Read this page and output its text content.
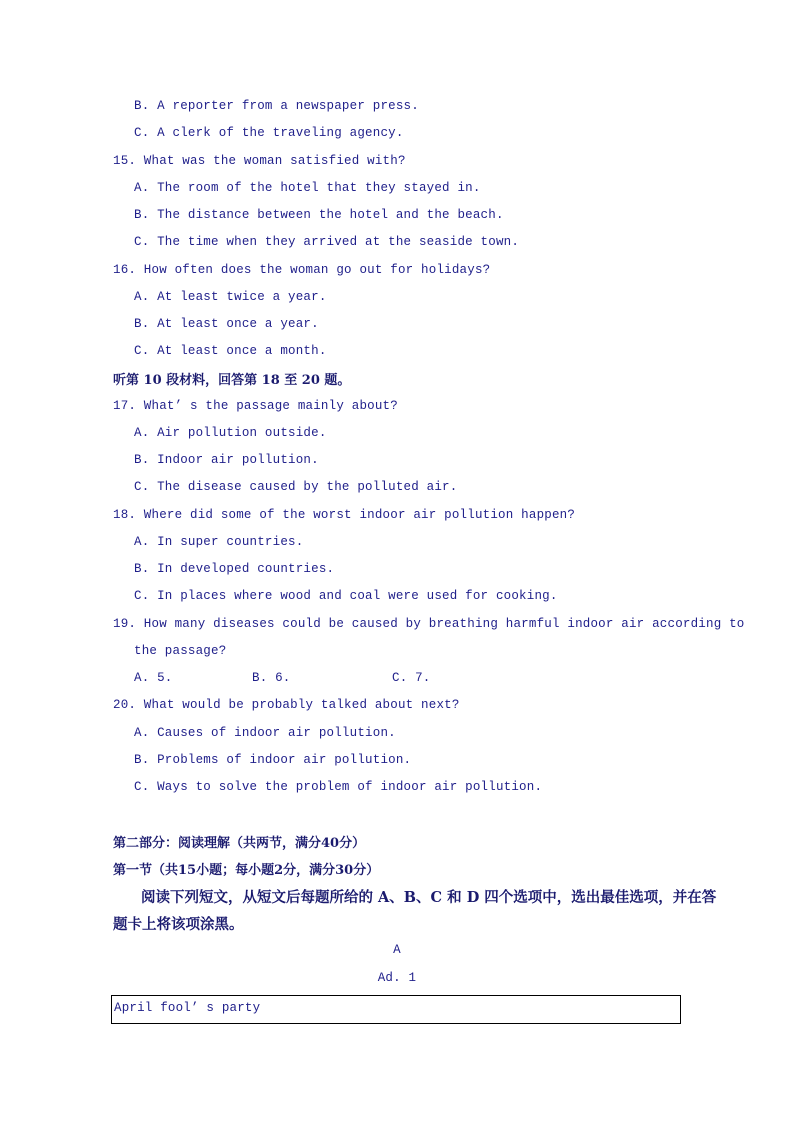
B. A reporter from a newspaper press.
C. A clerk of the traveling agency.
15. What was the woman satisfied with?
A. The room of the hotel that they stayed in.
B. The distance between the hotel and the beach.
C. The time when they arrived at the seaside town.
16. How often does the woman go out for holidays?
A. At least twice a year.
B. At least once a year.
C. At least once a month.
听第 10 段材料，回答第 18 至 20 题。
17. What’ s the passage mainly about?
A. Air pollution outside.
B. Indoor air pollution.
C. The disease caused by the polluted air.
18. Where did some of the worst indoor air pollution happen?
A. In super countries.
B. In developed countries.
C. In places where wood and coal were used for cooking.
19. How many diseases could be caused by breathing harmful indoor air according to
the passage?
A. 5.	B. 6.	C. 7.
20. What would be probably talked about next?
A. Causes of indoor air pollution.
B. Problems of indoor air pollution.
C. Ways to solve the problem of indoor air pollution.
第二部分：阅读理解（共两节，满分40分）
第一节（共15小题；每小题2分，满分30分）
阅读下列短文，从短文后每题所给的 A、B、C 和 D 四个选项中，选出最佳选项，并在答
题卡上将该项涂黑。
A
Ad. 1
April fool’ s party
